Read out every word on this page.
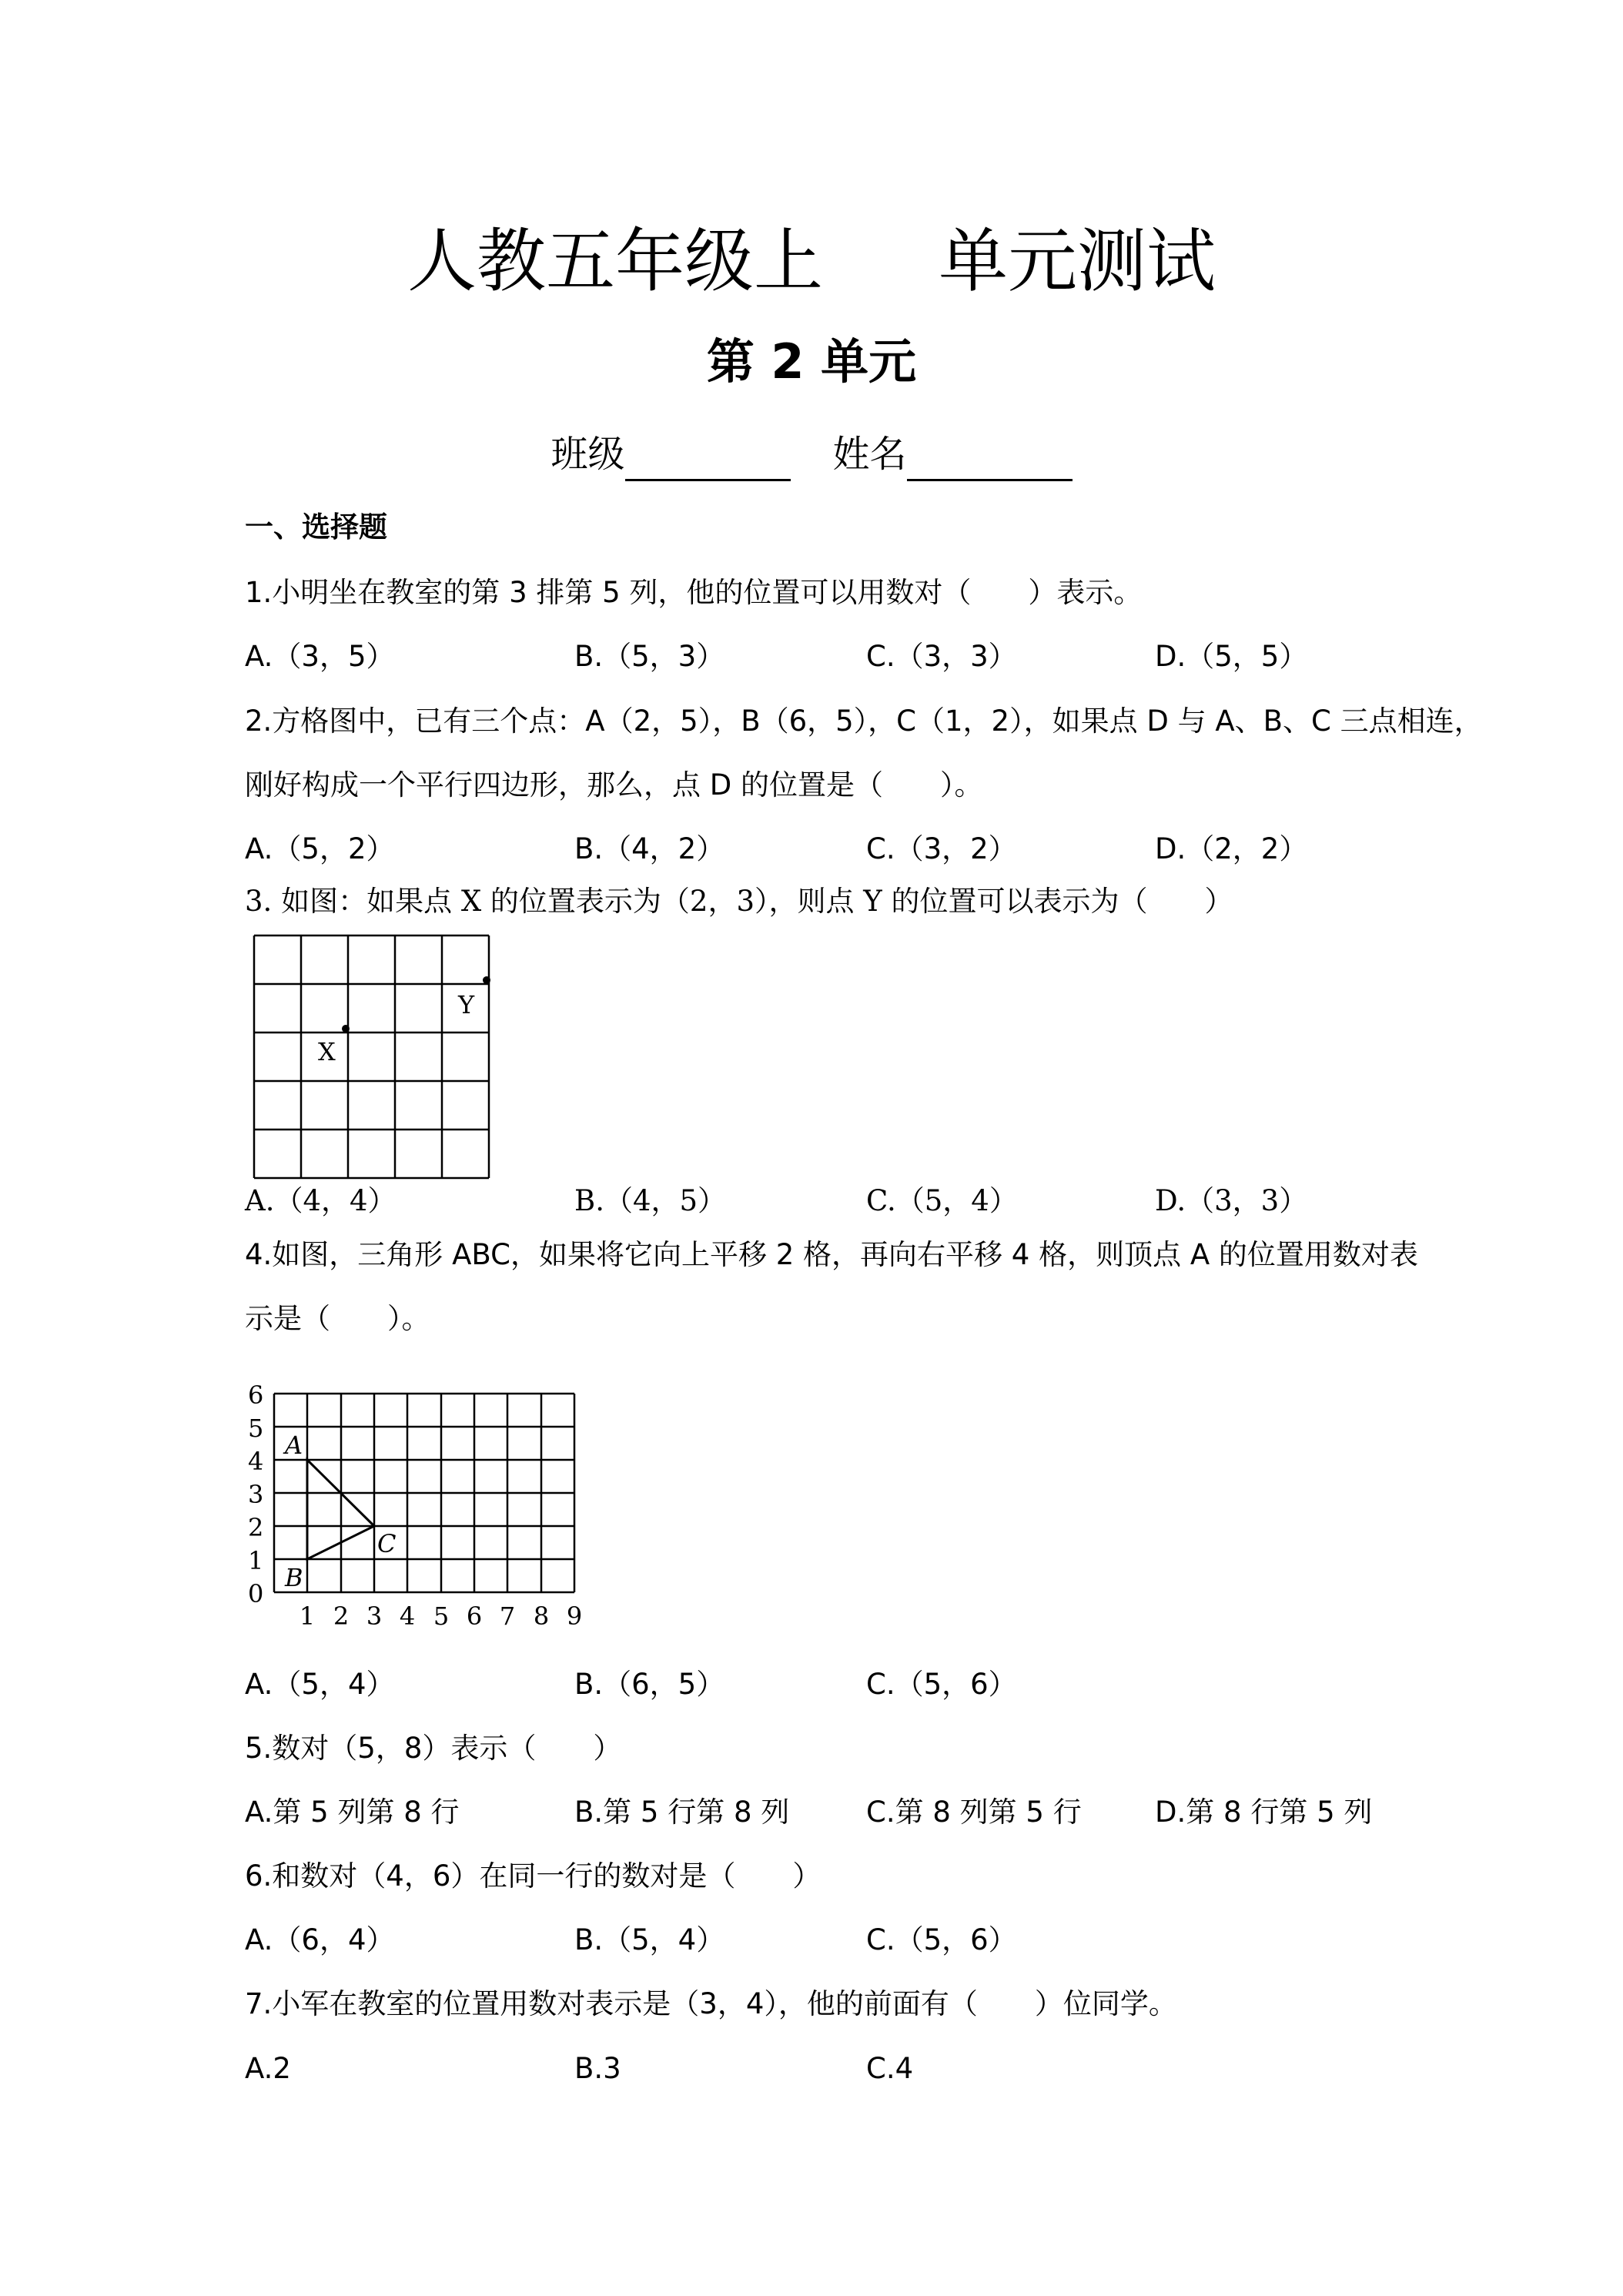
人教五年级上 单元测试
第 2 单元
班级	姓名
一、选择题
1.小明坐在教室的第 3 排第 5 列，他的位置可以用数对（　　）表示。
A.（3，5）	B.（5，3）	C.（3，3）	D.（5，5）
2.方格图中，已有三个点：A（2，5），B（6，5），C（1，2），如果点 D 与 A、B、C 三点相连，
刚好构成一个平行四边形，那么，点 D 的位置是（　　）。
A.（5，2）	B.（4，2）	C.（3，2）	D.（2，2）
3. 如图：如果点 X 的位置表示为（2，3），则点 Y 的位置可以表示为（　　）
X
Y
A.（4，4）	B.（4，5）	C.（5，4）	D.（3，3）
4.如图，三角形 ABC，如果将它向上平移 2 格，再向右平移 4 格，则顶点 A 的位置用数对表
示是（　　）。
A
B
C
6
5
4
3
2
1
0
1 2 3 4 5 6 7 8 9
A.（5，4）	B.（6，5）	C.（5，6）
5.数对（5，8）表示（　　）
A.第 5 列第 8 行	B.第 5 行第 8 列	C.第 8 列第 5 行	D.第 8 行第 5 列
6.和数对（4，6）在同一行的数对是（　　）
A.（6，4）	B.（5，4）	C.（5，6）
7.小军在教室的位置用数对表示是（3，4），他的前面有（　　）位同学。
A.2	B.3	C.4
